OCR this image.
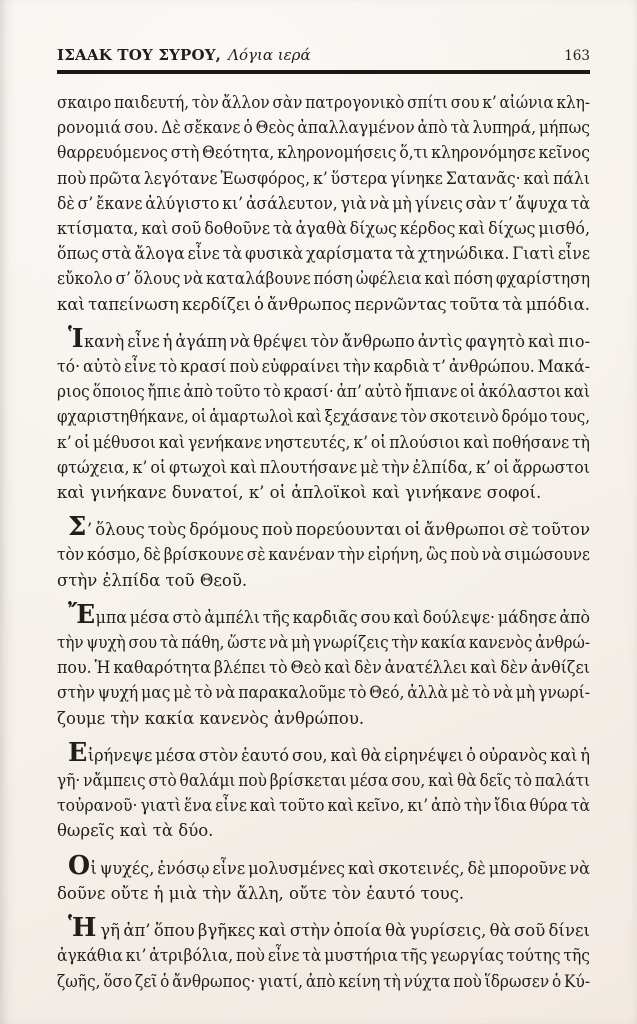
ΙΣΑΑΚ ΤΟΥ ΣΥΡΟΥ, Λόγια ιερά	163
σκαιρο παιδευτή, τὸν ἄλλον σὰν πατρογονικὸ σπίτι σου κ’ αἰώνια κλη-
ρονομιά σου. Δὲ σἔκανε ὁ Θεὸς ἀπαλλαγμένον ἀπὸ τὰ λυπηρά, μήπως
θαρρευόμενος στὴ Θεότητα, κληρονομήσεις ὅ,τι κληρονόμησε κεῖνος
ποὺ πρῶτα λεγότανε Ἑωσφόρος, κ’ ὕστερα γίνηκε Σατανᾶς· καὶ πάλι
δὲ σ’ ἔκανε ἀλύγιστο κι’ ἀσάλευτον, γιὰ νὰ μὴ γίνεις σὰν τ’ ἄψυχα τὰ
κτίσματα, καὶ σοῦ δοθοῦνε τὰ ἀγαθὰ δίχως κέρδος καὶ δίχως μισθό,
ὅπως στὰ ἄλογα εἶνε τὰ φυσικὰ χαρίσματα τὰ χτηνώδικα. Γιατὶ εἶνε
εὔκολο σ’ ὅλους νὰ καταλάβουνε πόση ὠφέλεια καὶ πόση φχαρίστηση
καὶ ταπείνωση κερδίζει ὁ ἄνθρωπος περνῶντας τοῦτα τὰ μπόδια.
Ἱκανὴ εἶνε ἡ ἀγάπη νὰ θρέψει τὸν ἄνθρωπο ἀντὶς φαγητὸ καὶ πιο-
τό· αὐτὸ εἶνε τὸ κρασί ποὺ εὐφραίνει τὴν καρδιὰ τ’ ἀνθρώπου. Μακά-
ριος ὅποιος ἤπιε ἀπὸ τοῦτο τὸ κρασί· ἀπ’ αὐτὸ ἤπιανε οἱ ἀκόλαστοι καὶ
φχαριστηθήκανε, οἱ ἁμαρτωλοὶ καὶ ξεχάσανε τὸν σκοτεινὸ δρόμο τους,
κ’ οἱ μέθυσοι καὶ γενήκανε νηστευτές, κ’ οἱ πλούσιοι καὶ ποθήσανε τὴ
φτώχεια, κ’ οἱ φτωχοὶ καὶ πλουτήσανε μὲ τὴν ἐλπίδα, κ’ οἱ ἄρρωστοι
καὶ γινήκανε δυνατοί, κ’ οἱ ἁπλοϊκοὶ καὶ γινήκανε σοφοί.
Σ’ ὅλους τοὺς δρόμους ποὺ πορεύουνται οἱ ἄνθρωποι σὲ τοῦτον
τὸν κόσμο, δὲ βρίσκουνε σὲ κανέναν τὴν εἰρήνη, ὣς ποὺ νὰ σιμώσουνε
στὴν ἐλπίδα τοῦ Θεοῦ.
Ἔμπα μέσα στὸ ἀμπέλι τῆς καρδιᾶς σου καὶ δούλεψε· μάδησε ἀπὸ
τὴν ψυχὴ σου τὰ πάθη, ὥστε νὰ μὴ γνωρίζεις τὴν κακία κανενὸς ἀνθρώ-
που. Ἡ καθαρότητα βλέπει τὸ Θεὸ καὶ δὲν ἀνατέλλει καὶ δὲν ἀνθίζει
στὴν ψυχή μας μὲ τὸ νὰ παρακαλοῦμε τὸ Θεό, ἀλλὰ μὲ τὸ νὰ μὴ γνωρί-
ζουμε τὴν κακία κανενὸς ἀνθρώπου.
Εἰρήνεψε μέσα στὸν ἑαυτό σου, καὶ θὰ εἰρηνέψει ὁ οὐρανὸς καὶ ἡ
γῆ· νἄμπεις στὸ θαλάμι ποὺ βρίσκεται μέσα σου, καὶ θὰ δεῖς τὸ παλάτι
τοὐρανοῦ· γιατὶ ἕνα εἶνε καὶ τοῦτο καὶ κεῖνο, κι’ ἀπὸ τὴν ἴδια θύρα τὰ
θωρεῖς καὶ τὰ δύο.
Οἱ ψυχές, ἐνόσῳ εἶνε μολυσμένες καὶ σκοτεινές, δὲ μποροῦνε νὰ
δοῦνε οὔτε ἡ μιὰ τὴν ἄλλη, οὔτε τὸν ἑαυτό τους.
Ἡ γῆ ἀπ’ ὅπου βγῆκες καὶ στὴν ὁποία θὰ γυρίσεις, θὰ σοῦ δίνει
ἀγκάθια κι’ ἀτριβόλια, ποὺ εἶνε τὰ μυστήρια τῆς γεωργίας τούτης τῆς
ζωῆς, ὅσο ζεῖ ὁ ἄνθρωπος· γιατί, ἀπὸ κείνη τὴ νύχτα ποὺ ἵδρωσεν ὁ Κύ-
